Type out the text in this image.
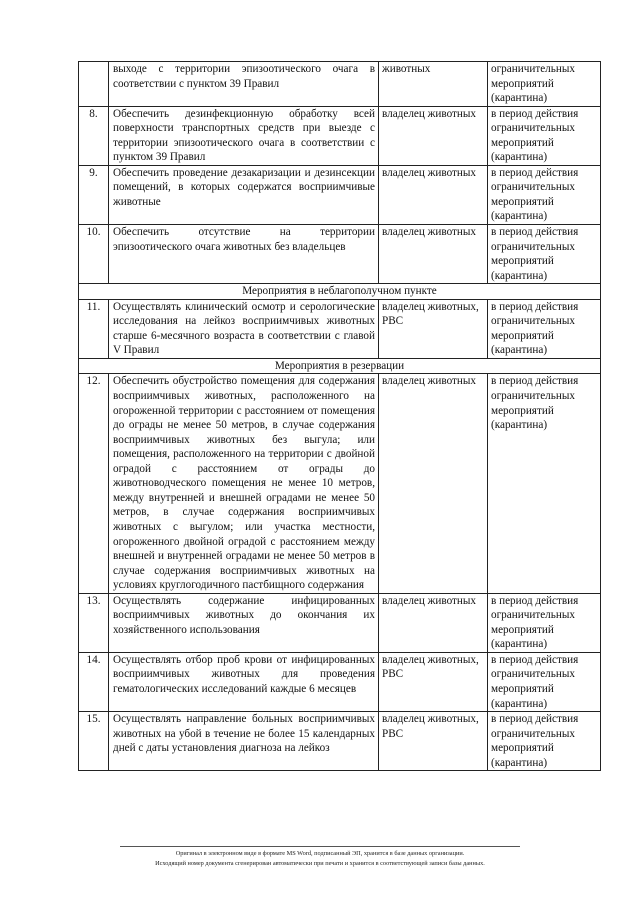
	выходе с территории эпизоотического очага в соответствии с пунктом 39 Правил	животных	ограничительных мероприятий (карантина)
8.	Обеспечить дезинфекционную обработку всей поверхности транспортных средств при выезде с территории эпизоотического очага в соответствии с пунктом 39 Правил	владелец животных	в период действия ограничительных мероприятий (карантина)
9.	Обеспечить проведение дезакаризации и дезинсекции помещений, в которых содержатся восприимчивые животные	владелец животных	в период действия ограничительных мероприятий (карантина)
10.	Обеспечить отсутствие на территории эпизоотического очага животных без владельцев	владелец животных	в период действия ограничительных мероприятий (карантина)
Мероприятия в неблагополучном пункте			
11.	Осуществлять клинический осмотр и серологические исследования на лейкоз восприимчивых животных старше 6-месячного возраста в соответствии с главой V Правил	владелец животных, РВС	в период действия ограничительных мероприятий (карантина)
Мероприятия в резервации			
12.	Обеспечить обустройство помещения для содержания восприимчивых животных, расположенного на огороженной территории с расстоянием от помещения до ограды не менее 50 метров, в случае содержания восприимчивых животных без выгула; или помещения, расположенного на территории с двойной оградой с расстоянием от ограды до животноводческого помещения не менее 10 метров, между внутренней и внешней оградами не менее 50 метров, в случае содержания восприимчивых животных с выгулом; или участка местности, огороженного двойной оградой с расстоянием между внешней и внутренней оградами не менее 50 метров в случае содержания восприимчивых животных на условиях круглогодичного пастбищного содержания	владелец животных	в период действия ограничительных мероприятий (карантина)
13.	Осуществлять содержание инфицированных восприимчивых животных до окончания их хозяйственного использования	владелец животных	в период действия ограничительных мероприятий (карантина)
14.	Осуществлять отбор проб крови от инфицированных восприимчивых животных для проведения гематологических исследований каждые 6 месяцев	владелец животных, РВС	в период действия ограничительных мероприятий (карантина)
15.	Осуществлять направление больных восприимчивых животных на убой в течение не более 15 календарных дней с даты установления диагноза на лейкоз	владелец животных, РВС	в период действия ограничительных мероприятий (карантина)
Оригинал в электронном виде в формате MS Word, подписанный ЭП, хранится в базе данных организации.
Исходящий номер документа сгенерирован автоматически при печати и хранится в соответствующей записи базы данных.
